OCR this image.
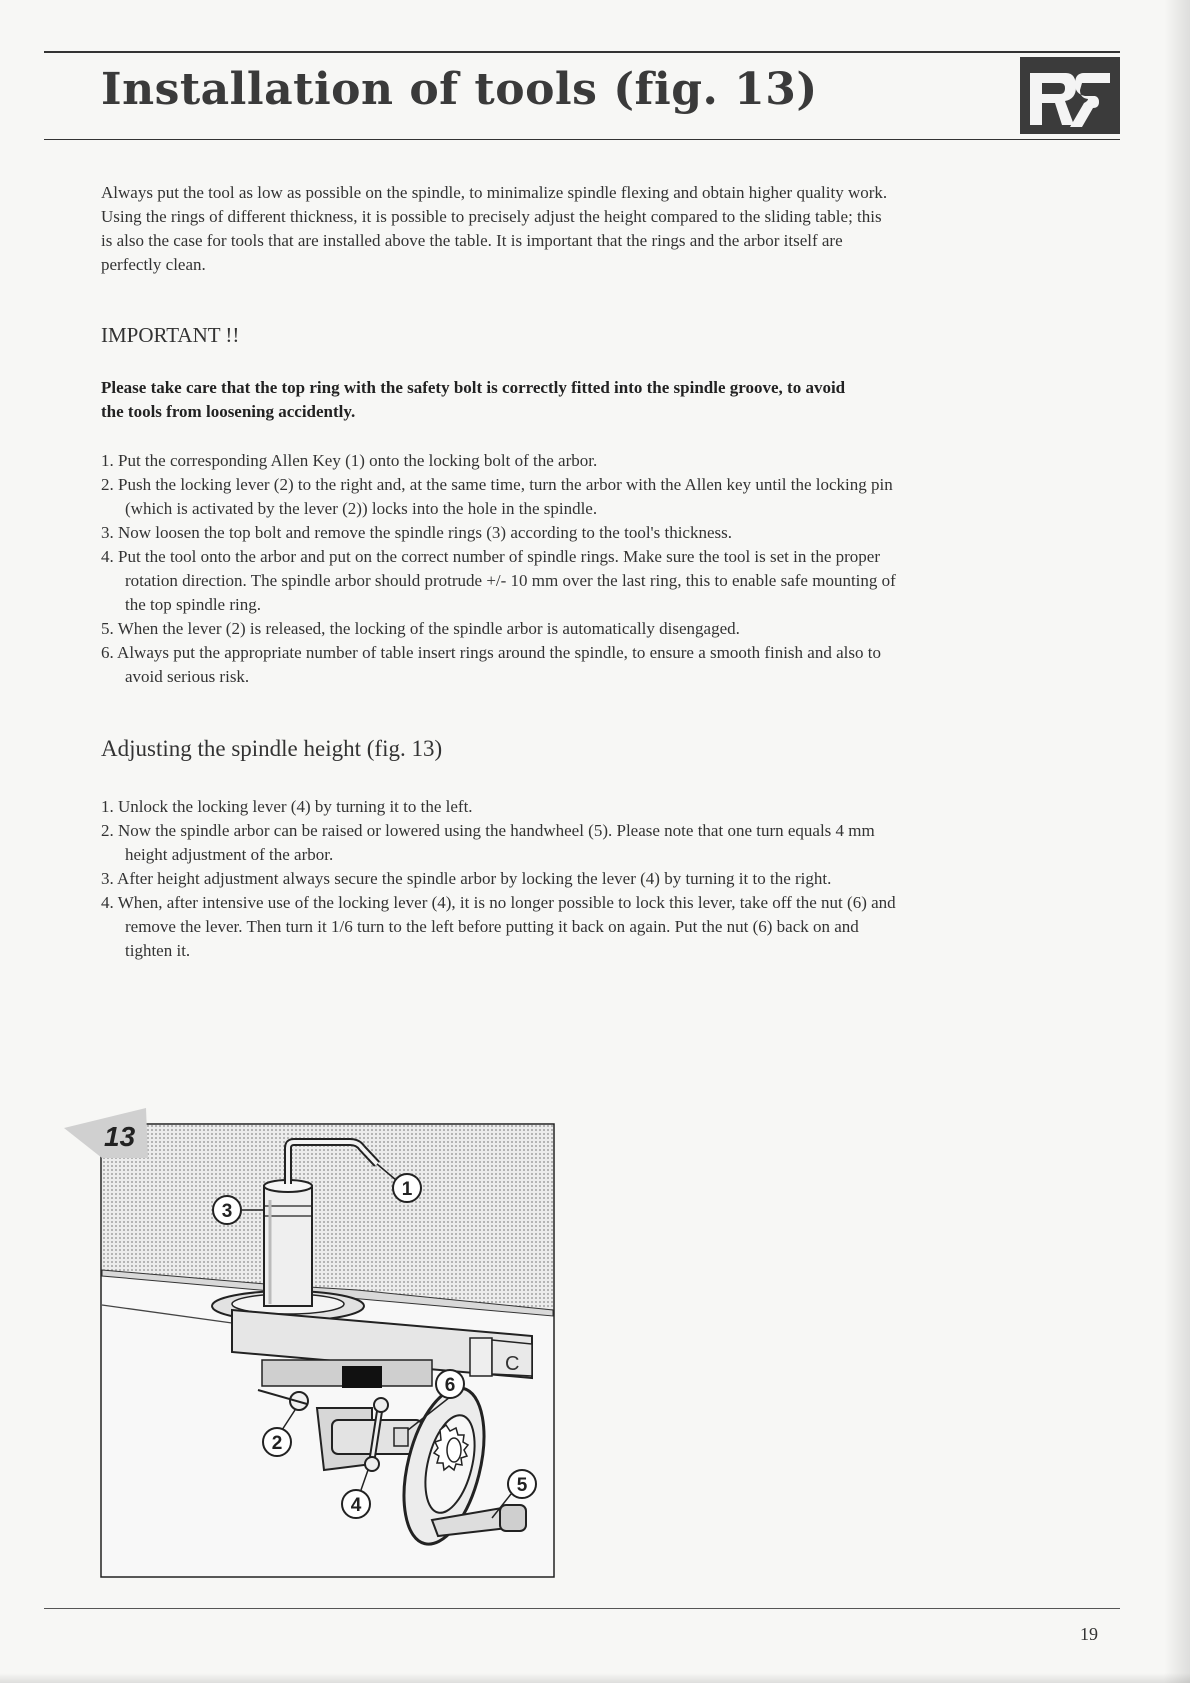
Installation of tools (fig. 13)

Always put the tool as low as possible on the spindle, to minimalize spindle flexing and obtain higher quality work. Using the rings of different thickness, it is possible to precisely adjust the height compared to the sliding table; this is also the case for tools that are installed above the table. It is important that the rings and the arbor itself are perfectly clean.

IMPORTANT !!

Please take care that the top ring with the safety bolt is correctly fitted into the spindle groove, to avoid the tools from loosening accidently.

1. Put the corresponding Allen Key (1) onto the locking bolt of the arbor.
2. Push the locking lever (2) to the right and, at the same time, turn the arbor with the Allen key until the locking pin (which is activated by the lever (2)) locks into the hole in the spindle.
3. Now loosen the top bolt and remove the spindle rings (3) according to the tool's thickness.
4. Put the tool onto the arbor and put on the correct number of spindle rings. Make sure the tool is set in the proper rotation direction. The spindle arbor should protrude +/- 10 mm over the last ring, this to enable safe mounting of the top spindle ring.
5. When the lever (2) is released, the locking of the spindle arbor is automatically disengaged.
6. Always put the appropriate number of table insert rings around the spindle, to ensure a smooth finish and also to avoid serious risk.
Adjusting the spindle height (fig. 13)
1. Unlock the locking lever (4) by turning it to the left.
2. Now the spindle arbor can be raised or lowered using the handwheel (5). Please note that one turn equals 4 mm height adjustment of the arbor.
3. After height adjustment always secure the spindle arbor by locking the lever (4) by turning it to the right.
4. When, after intensive use of the locking lever (4), it is no longer possible to lock this lever, take off the nut (6) and remove the lever. Then turn it 1/6 turn to the left before putting it back on again. Put the nut (6) back on and tighten it.
C
1
3
6
2
5
4
13
19
